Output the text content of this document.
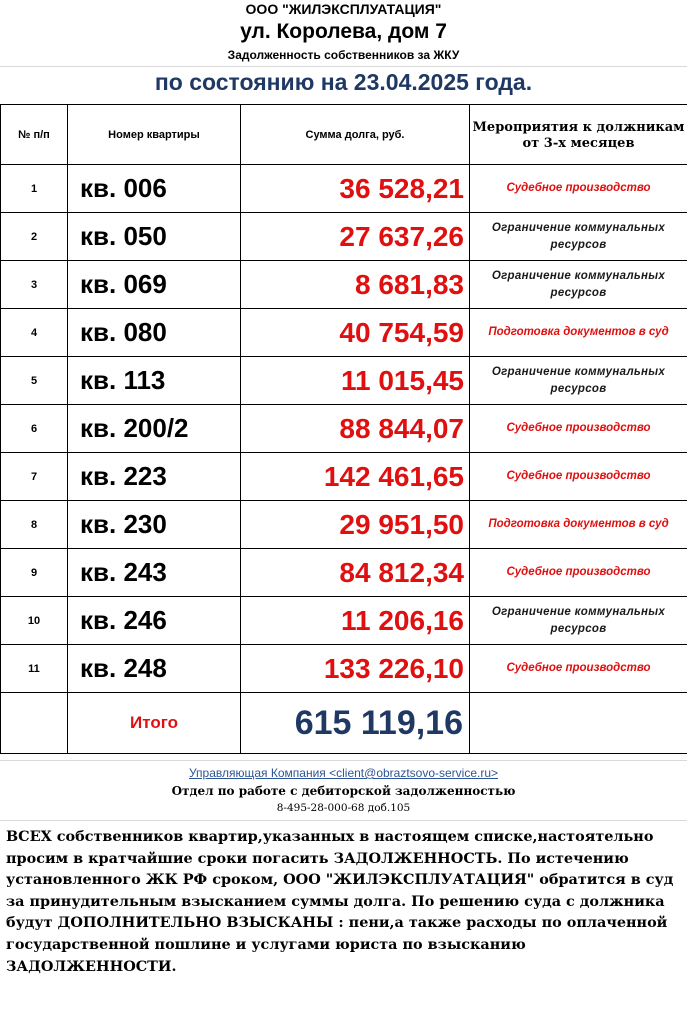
ООО "ЖИЛЭКСПЛУАТАЦИЯ"
ул. Королева, дом 7
Задолженность собственников за ЖКУ
по состоянию на 23.04.2025 года.
№ п/п	Номер квартиры	Сумма долга, руб.	Мероприятия к должникам от 3-х месяцев
1	кв. 006	36 528,21	Судебное производство
2	кв. 050	27 637,26	Ограничение коммунальных ресурсов
3	кв. 069	8 681,83	Ограничение коммунальных ресурсов
4	кв. 080	40 754,59	Подготовка документов в суд
5	кв. 113	11 015,45	Ограничение коммунальных ресурсов
6	кв. 200/2	88 844,07	Судебное производство
7	кв. 223	142 461,65	Судебное производство
8	кв. 230	29 951,50	Подготовка документов в суд
9	кв. 243	84 812,34	Судебное производство
10	кв. 246	11 206,16	Ограничение коммунальных ресурсов
11	кв. 248	133 226,10	Судебное производство
	Итого	615 119,16	
Управляющая Компания <client@obraztsovo-service.ru>
Отдел по работе с дебиторской задолженностью
8-495-28-000-68 доб.105

ВСЕХ собственников квартир,указанных в настоящем списке,настоятельно просим в кратчайшие сроки погасить ЗАДОЛЖЕННОСТЬ. По истечению установленного ЖК РФ сроком, ООО "ЖИЛЭКСПЛУАТАЦИЯ" обратится в суд за принудительным взысканием суммы долга. По решению суда с должника будут ДОПОЛНИТЕЛЬНО ВЗЫСКАНЫ : пени,а также расходы по оплаченной государственной пошлине и услугами юриста по взысканию ЗАДОЛЖЕННОСТИ.
